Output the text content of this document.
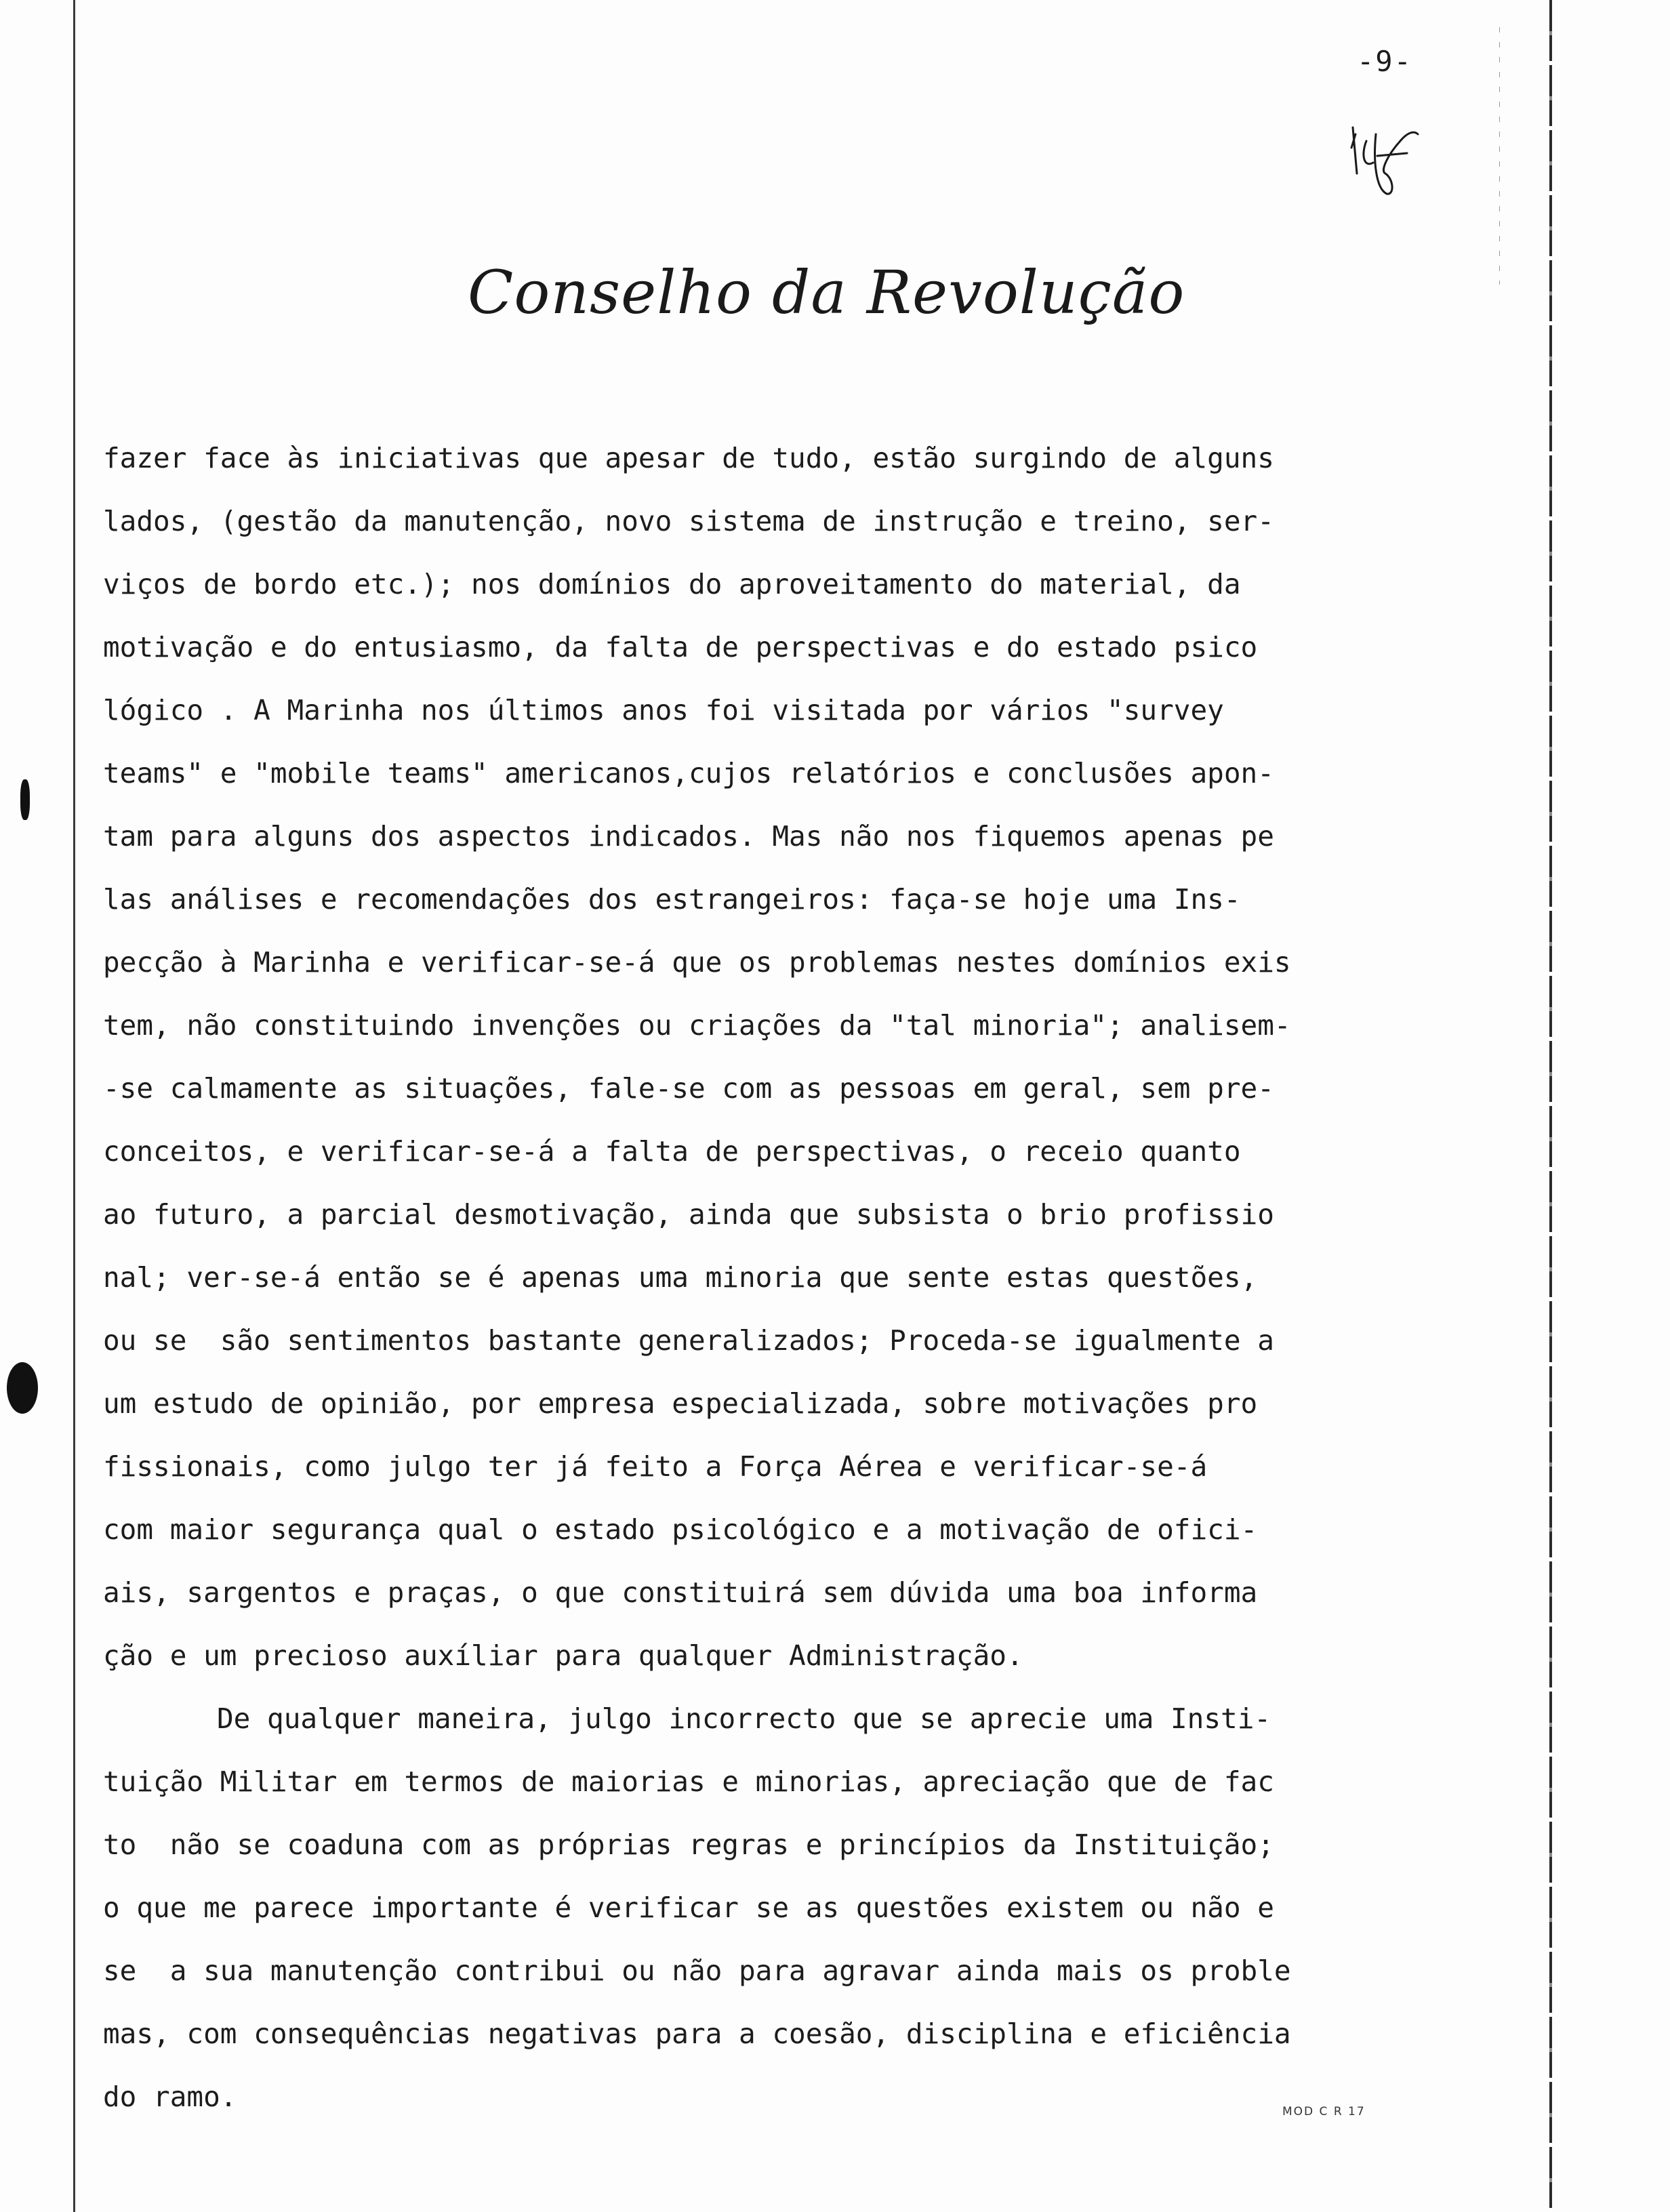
-9-
Conselho da Revolução
fazer face às iniciativas que apesar de tudo, estão surgindo de alguns
lados, (gestão da manutenção, novo sistema de instrução e treino, ser-
viços de bordo etc.); nos domínios do aproveitamento do material, da
motivação e do entusiasmo, da falta de perspectivas e do estado psico
lógico . A Marinha nos últimos anos foi visitada por vários "survey
teams" e "mobile teams" americanos,cujos relatórios e conclusões apon-
tam para alguns dos aspectos indicados. Mas não nos fiquemos apenas pe
las análises e recomendações dos estrangeiros: faça-se hoje uma Ins-
pecção à Marinha e verificar-se-á que os problemas nestes domínios exis
tem, não constituindo invenções ou criações da "tal minoria"; analisem-
-se calmamente as situações, fale-se com as pessoas em geral, sem pre-
conceitos, e verificar-se-á a falta de perspectivas, o receio quanto
ao futuro, a parcial desmotivação, ainda que subsista o brio profissio
nal; ver-se-á então se é apenas uma minoria que sente estas questões,
ou se  são sentimentos bastante generalizados; Proceda-se igualmente a
um estudo de opinião, por empresa especializada, sobre motivações pro
fissionais, como julgo ter já feito a Força Aérea e verificar-se-á
com maior segurança qual o estado psicológico e a motivação de ofici-
ais, sargentos e praças, o que constituirá sem dúvida uma boa informa
ção e um precioso auxíliar para qualquer Administração.
De qualquer maneira, julgo incorrecto que se aprecie uma Insti-
tuição Militar em termos de maiorias e minorias, apreciação que de fac
to  não se coaduna com as próprias regras e princípios da Instituição;
o que me parece importante é verificar se as questões existem ou não e
se  a sua manutenção contribui ou não para agravar ainda mais os proble
mas, com consequências negativas para a coesão, disciplina e eficiência
do ramo.	MOD C R 17
